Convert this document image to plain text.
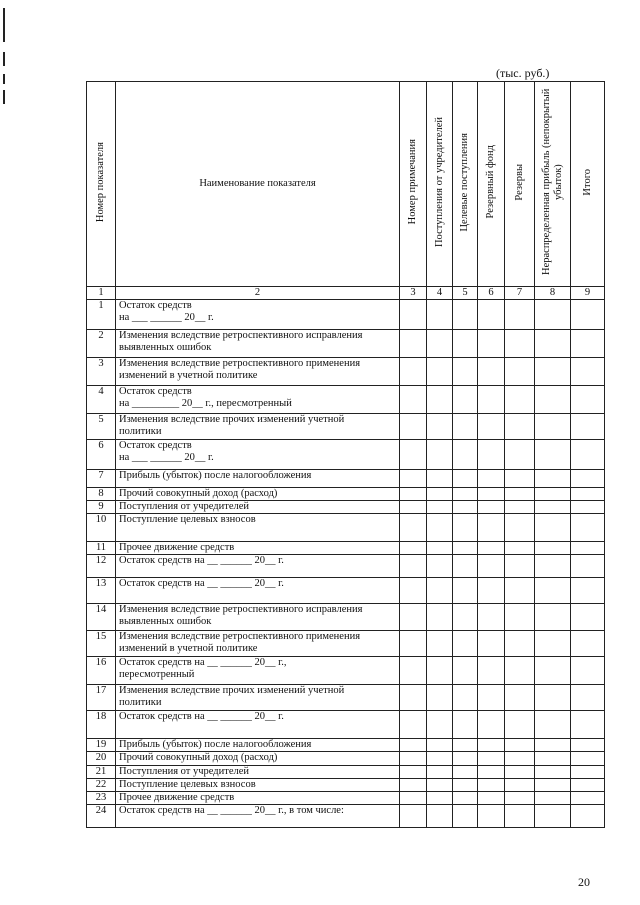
(тыс. руб.)
Номер показателя	Наименование показателя	Номер примечания	Поступления от учредителей	Целевые поступления	Резервный фонд	Резервы	Нераспределенная прибыль (непокрытый убыток)	Итого
1	2	3	4	5	6	7	8	9
1	Остаток средств
на ___ ______ 20__ г.							

2	Изменения вследствие ретроспективного исправления
выявленных ошибок							

3	Изменения вследствие ретроспективного применения
изменений в учетной политике							

4	Остаток средств
на _________ 20__ г., пересмотренный							

5	Изменения вследствие прочих изменений учетной
политики							

6	Остаток средств
на ___ ______ 20__ г.							

7	Прибыль (убыток) после налогообложения							

8	Прочий совокупный доход (расход)							

9	Поступления от учредителей							

10	Поступление целевых взносов							

11	Прочее движение средств							

12	Остаток средств на __ ______ 20__ г.							

13	Остаток средств на __ ______ 20__ г.							

14	Изменения вследствие ретроспективного исправления
выявленных ошибок							

15	Изменения вследствие ретроспективного применения
изменений в учетной политике							

16	Остаток средств на __ ______ 20__ г.,
пересмотренный							

17	Изменения вследствие прочих изменений учетной
политики							

18	Остаток средств на __ ______ 20__ г.							

19	Прибыль (убыток) после налогообложения							

20	Прочий совокупный доход (расход)							

21	Поступления от учредителей							

22	Поступление целевых взносов							

23	Прочее движение средств							

24	Остаток средств на __ ______ 20__ г., в том числе:							

20
